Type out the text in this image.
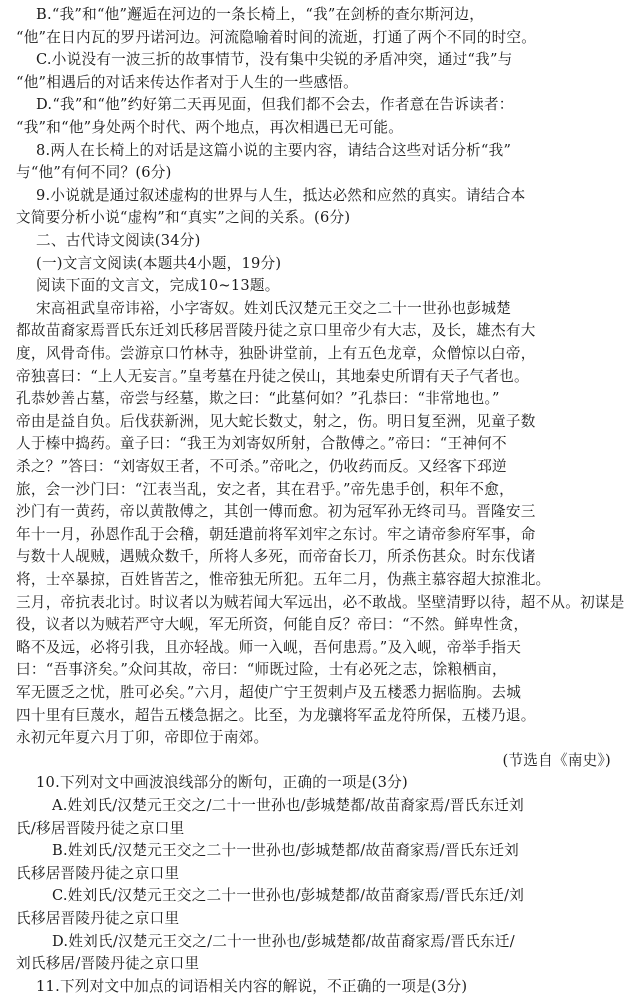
B.“我”和“他”邂逅在河边的一条长椅上，“我”在剑桥的查尔斯河边，
“他”在日内瓦的罗丹诺河边。河流隐喻着时间的流逝，打通了两个不同的时空。
C.小说没有一波三折的故事情节，没有集中尖锐的矛盾冲突，通过“我”与
“他”相遇后的对话来传达作者对于人生的一些感悟。
D.“我”和“他”约好第二天再见面，但我们都不会去，作者意在告诉读者：
“我”和“他”身处两个时代、两个地点，再次相遇已无可能。
8.两人在长椅上的对话是这篇小说的主要内容，请结合这些对话分析“我”
与“他”有何不同？(6分)
9.小说就是通过叙述虚构的世界与人生，抵达必然和应然的真实。请结合本
文简要分析小说“虚构”和“真实”之间的关系。(6分)
二、古代诗文阅读(34分)
(一)文言文阅读(本题共4小题，19分)
阅读下面的文言文，完成10~13题。
宋高祖武皇帝讳裕，小字寄奴。姓刘氏汉楚元王交之二十一世孙也彭城楚
都故苗裔家焉晋氏东迁刘氏移居晋陵丹徒之京口里帝少有大志，及长，雄杰有大
度，风骨奇伟。尝游京口竹林寺，独卧讲堂前，上有五色龙章，众僧惊以白帝，
帝独喜曰：“上人无妄言。”皇考墓在丹徒之侯山，其地秦史所谓有天子气者也。
孔恭妙善占墓，帝尝与经墓，欺之曰：“此墓何如？”孔恭曰：“非常地也。”
帝由是益自负。后伐获新洲，见大蛇长数丈，射之，伤。明日复至洲，见童子数
人于榛中捣药。童子曰：“我王为刘寄奴所射，合散傅之。”帝曰：“王神何不
杀之？”答曰：“刘寄奴王者，不可杀。”帝叱之，仍收药而反。又经客下邳逆
旅，会一沙门曰：“江表当乱，安之者，其在君乎。”帝先患手创，积年不愈，
沙门有一黄药，帝以黄散傅之，其创一傅而愈。初为冠军孙无终司马。晋隆安三
年十一月，孙恩作乱于会稽，朝廷遣前将军刘牢之东讨。牢之请帝参府军事，命
与数十人觇贼，遇贼众数千，所将人多死，而帝奋长刀，所杀伤甚众。时东伐诸
将，士卒暴掠，百姓皆苦之，惟帝独无所犯。五年二月，伪燕主慕容超大掠淮北。
三月，帝抗表北讨。时议者以为贼若闻大军远出，必不敢战。坚壁清野以待，超不从。初谋是
役，议者以为贼若严守大岘，军无所资，何能自反？帝曰：“不然。鲜卑性贪，
略不及远，必将引我，且亦轻战。师一入岘，吾何患焉。”及入岘，帝举手指天
曰：“吾事济矣。”众问其故，帝曰：“师既过险，士有必死之志，馀粮栖亩，
军无匮乏之忧，胜可必矣。”六月，超使广宁王贺剌卢及五楼悉力据临朐。去城
四十里有巨蔑水，超告五楼急据之。比至，为龙骧将军孟龙符所保，五楼乃退。
永初元年夏六月丁卯，帝即位于南郊。
(节选自《南史》)
10.下列对文中画波浪线部分的断句，正确的一项是(3分)
A.姓刘氏/汉楚元王交之/二十一世孙也/彭城楚都/故苗裔家焉/晋氏东迁刘
氏/移居晋陵丹徒之京口里
B.姓刘氏/汉楚元王交之二十一世孙也/彭城楚都/故苗裔家焉/晋氏东迁刘
氏移居晋陵丹徒之京口里
C.姓刘氏/汉楚元王交之二十一世孙也/彭城楚都/故苗裔家焉/晋氏东迁/刘
氏移居晋陵丹徒之京口里
D.姓刘氏/汉楚元王交之/二十一世孙也/彭城楚都/故苗裔家焉/晋氏东迁/
刘氏移居/晋陵丹徒之京口里
11.下列对文中加点的词语相关内容的解说，不正确的一项是(3分)
